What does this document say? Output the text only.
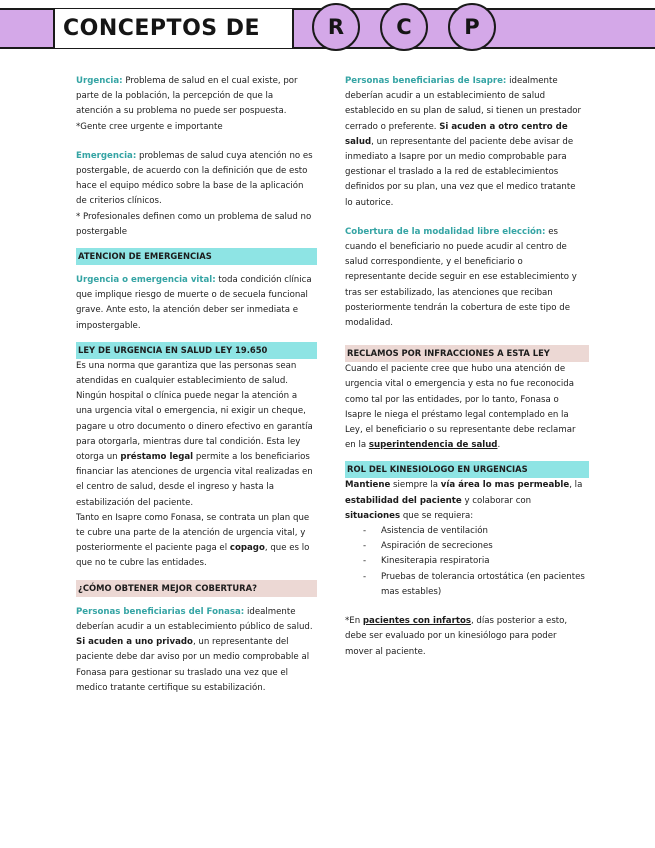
CONCEPTOS DE	R	C	P

Urgencia: Problema de salud en el cual existe, por parte de la población, la percepción de que la atención a su problema no puede ser pospuesta.

*Gente cree urgente e importante

Emergencia: problemas de salud cuya atención no es postergable, de acuerdo con la definición que de esto hace el equipo médico sobre la base de la aplicación de criterios clínicos.

* Profesionales definen como un problema de salud no postergable

ATENCION DE EMERGENCIAS

Urgencia o emergencia vital: toda condición clínica que implique riesgo de muerte o de secuela funcional grave. Ante esto, la atención deber ser inmediata e impostergable.

LEY DE URGENCIA EN SALUD LEY 19.650

Es una norma que garantiza que las personas sean atendidas en cualquier establecimiento de salud. Ningún hospital o clínica puede negar la atención a una urgencia vital o emergencia, ni exigir un cheque, pagare u otro documento o dinero efectivo en garantía para otorgarla, mientras dure tal condición. Esta ley otorga un préstamo legal permite a los beneficiarios financiar las atenciones de urgencia vital realizadas en el centro de salud, desde el ingreso y hasta la estabilización del paciente.

Tanto en Isapre como Fonasa, se contrata un plan que te cubre una parte de la atención de urgencia vital, y posteriormente el paciente paga el copago, que es lo que no te cubre las entidades.

¿CÓMO OBTENER MEJOR COBERTURA?

Personas beneficiarias del Fonasa: idealmente deberían acudir a un establecimiento público de salud. Si acuden a uno privado, un representante del paciente debe dar aviso por un medio comprobable al Fonasa para gestionar su traslado una vez que el medico tratante certifique su estabilización.

Personas beneficiarias de Isapre: idealmente deberían acudir a un establecimiento de salud establecido en su plan de salud, si tienen un prestador cerrado o preferente. Si acuden a otro centro de salud, un representante del paciente debe avisar de inmediato a Isapre por un medio comprobable para gestionar el traslado a la red de establecimientos definidos por su plan, una vez que el medico tratante lo autorice.

Cobertura de la modalidad libre elección: es cuando el beneficiario no puede acudir al centro de salud correspondiente, y el beneficiario o representante decide seguir en ese establecimiento y tras ser estabilizado, las atenciones que reciban posteriormente tendrán la cobertura de este tipo de modalidad.

RECLAMOS POR INFRACCIONES A ESTA LEY

Cuando el paciente cree que hubo una atención de urgencia vital o emergencia y esta no fue reconocida como tal por las entidades, por lo tanto, Fonasa o Isapre le niega el préstamo legal contemplado en la Ley, el beneficiario o su representante debe reclamar en la superintendencia de salud.

ROL DEL KINESIOLOGO EN URGENCIAS

Mantiene siempre la vía área lo mas permeable, la estabilidad del paciente y colaborar con situaciones que se requiera:

- Asistencia de ventilación
- Aspiración de secreciones
- Kinesiterapia respiratoria
- Pruebas de tolerancia ortostática (en pacientes mas estables)

*En pacientes con infartos, días posterior a esto, debe ser evaluado por un kinesiólogo para poder mover al paciente.
